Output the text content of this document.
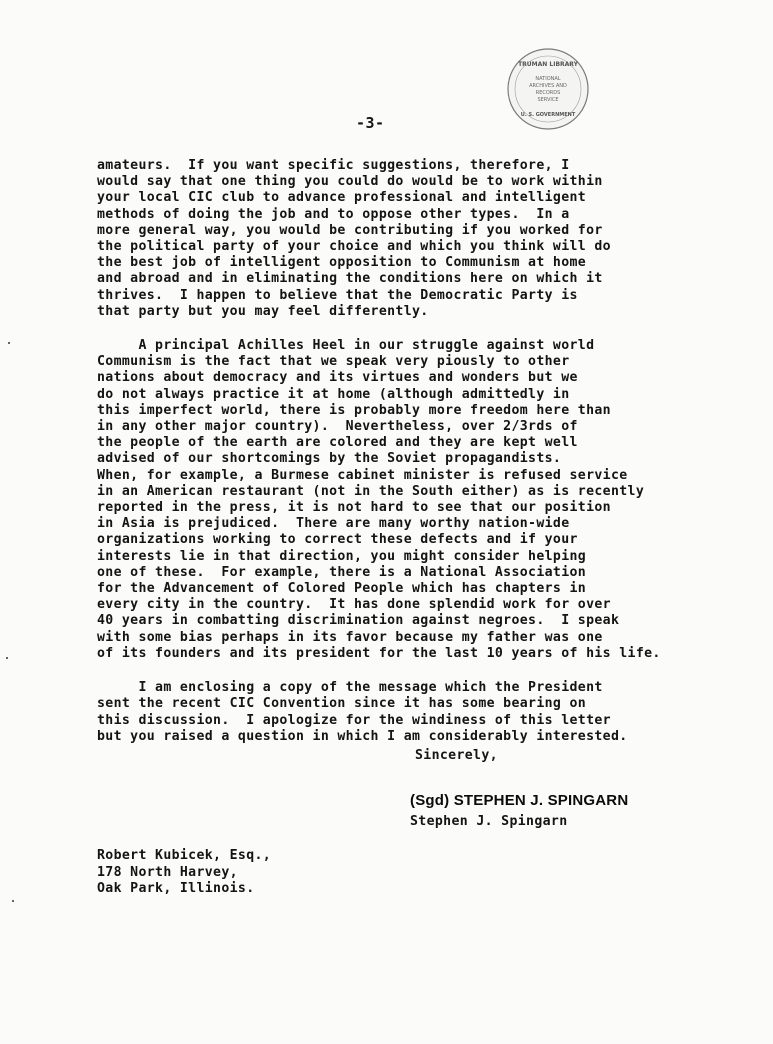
TRUMAN LIBRARY
NATIONAL
ARCHIVES AND
RECORDS
SERVICE
U. S. GOVERNMENT
-3-
amateurs.  If you want specific suggestions, therefore, I
would say that one thing you could do would be to work within
your local CIC club to advance professional and intelligent
methods of doing the job and to oppose other types.  In a
more general way, you would be contributing if you worked for
the political party of your choice and which you think will do
the best job of intelligent opposition to Communism at home
and abroad and in eliminating the conditions here on which it
thrives.  I happen to believe that the Democratic Party is
that party but you may feel differently.
A principal Achilles Heel in our struggle against world
Communism is the fact that we speak very piously to other
nations about democracy and its virtues and wonders but we
do not always practice it at home (although admittedly in
this imperfect world, there is probably more freedom here than
in any other major country).  Nevertheless, over 2/3rds of
the people of the earth are colored and they are kept well
advised of our shortcomings by the Soviet propagandists.
When, for example, a Burmese cabinet minister is refused service
in an American restaurant (not in the South either) as is recently
reported in the press, it is not hard to see that our position
in Asia is prejudiced.  There are many worthy nation-wide
organizations working to correct these defects and if your
interests lie in that direction, you might consider helping
one of these.  For example, there is a National Association
for the Advancement of Colored People which has chapters in
every city in the country.  It has done splendid work for over
40 years in combatting discrimination against negroes.  I speak
with some bias perhaps in its favor because my father was one
of its founders and its president for the last 10 years of his life.
I am enclosing a copy of the message which the President
sent the recent CIC Convention since it has some bearing on
this discussion.  I apologize for the windiness of this letter
but you raised a question in which I am considerably interested.
Sincerely,
(Sgd) STEPHEN J. SPINGARN
Stephen J. Spingarn
Robert Kubicek, Esq.,
178 North Harvey,
Oak Park, Illinois.
